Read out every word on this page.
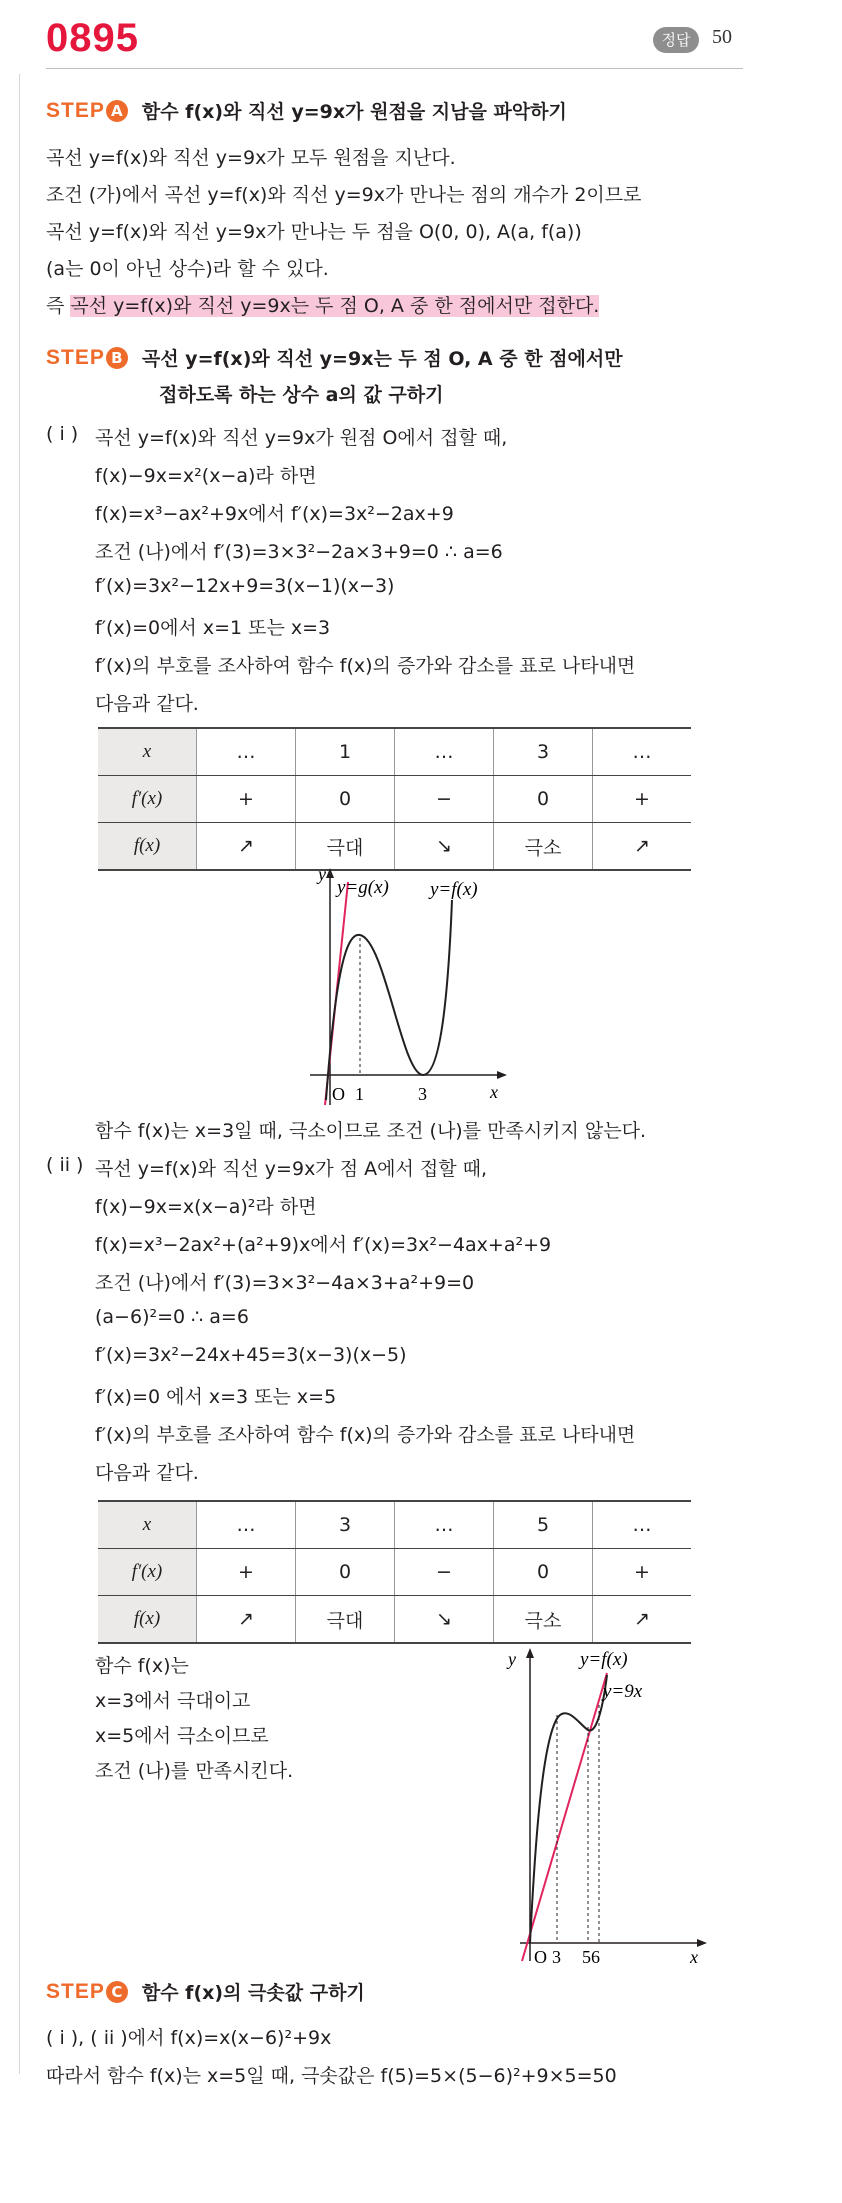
0895	정답	50
STEP A 함수 f(x)와 직선 y=9x가 원점을 지남을 파악하기
곡선 y=f(x)와 직선 y=9x가 모두 원점을 지난다.
조건 (가)에서 곡선 y=f(x)와 직선 y=9x가 만나는 점의 개수가 2이므로
곡선 y=f(x)와 직선 y=9x가 만나는 두 점을 O(0, 0), A(a, f(a))
(a는 0이 아닌 상수)라 할 수 있다.
즉 곡선 y=f(x)와 직선 y=9x는 두 점 O, A 중 한 점에서만 접한다.
STEP B 곡선 y=f(x)와 직선 y=9x는 두 점 O, A 중 한 점에서만
접하도록 하는 상수 a의 값 구하기
( i ) 곡선 y=f(x)와 직선 y=9x가 원점 O에서 접할 때,
f(x)−9x=x²(x−a)라 하면
f(x)=x³−ax²+9x에서 f′(x)=3x²−2ax+9
조건 (나)에서 f′(3)=3×3²−2a×3+9=0 ∴ a=6
f′(x)=3x²−12x+9=3(x−1)(x−3)
f′(x)=0에서 x=1 또는 x=3
f′(x)의 부호를 조사하여 함수 f(x)의 증가와 감소를 표로 나타내면
다음과 같다.
x	…	1	…	3	…
f′(x)	+	0	−	0	+
f(x)	↗	극대	↘	극소	↗
y
y=g(x) y=f(x)
O 1	3	x
함수 f(x)는 x=3일 때, 극소이므로 조건 (나)를 만족시키지 않는다.
( ii ) 곡선 y=f(x)와 직선 y=9x가 점 A에서 접할 때,
f(x)−9x=x(x−a)²라 하면
f(x)=x³−2ax²+(a²+9)x에서 f′(x)=3x²−4ax+a²+9
조건 (나)에서 f′(3)=3×3²−4a×3+a²+9=0
(a−6)²=0 ∴ a=6
f′(x)=3x²−24x+45=3(x−3)(x−5)
f′(x)=0 에서 x=3 또는 x=5
f′(x)의 부호를 조사하여 함수 f(x)의 증가와 감소를 표로 나타내면
다음과 같다.
x	…	3	…	5	…
f′(x)	+	0	−	0	+
f(x)	↗	극대	↘	극소	↗
함수 f(x)는
x=3에서 극대이고
x=5에서 극소이므로
조건 (나)를 만족시킨다.
y	y=f(x)
y=9x
O 3 56	x
STEP C 함수 f(x)의 극솟값 구하기
( i ), ( ii )에서 f(x)=x(x−6)²+9x
따라서 함수 f(x)는 x=5일 때, 극솟값은 f(5)=5×(5−6)²+9×5=50
